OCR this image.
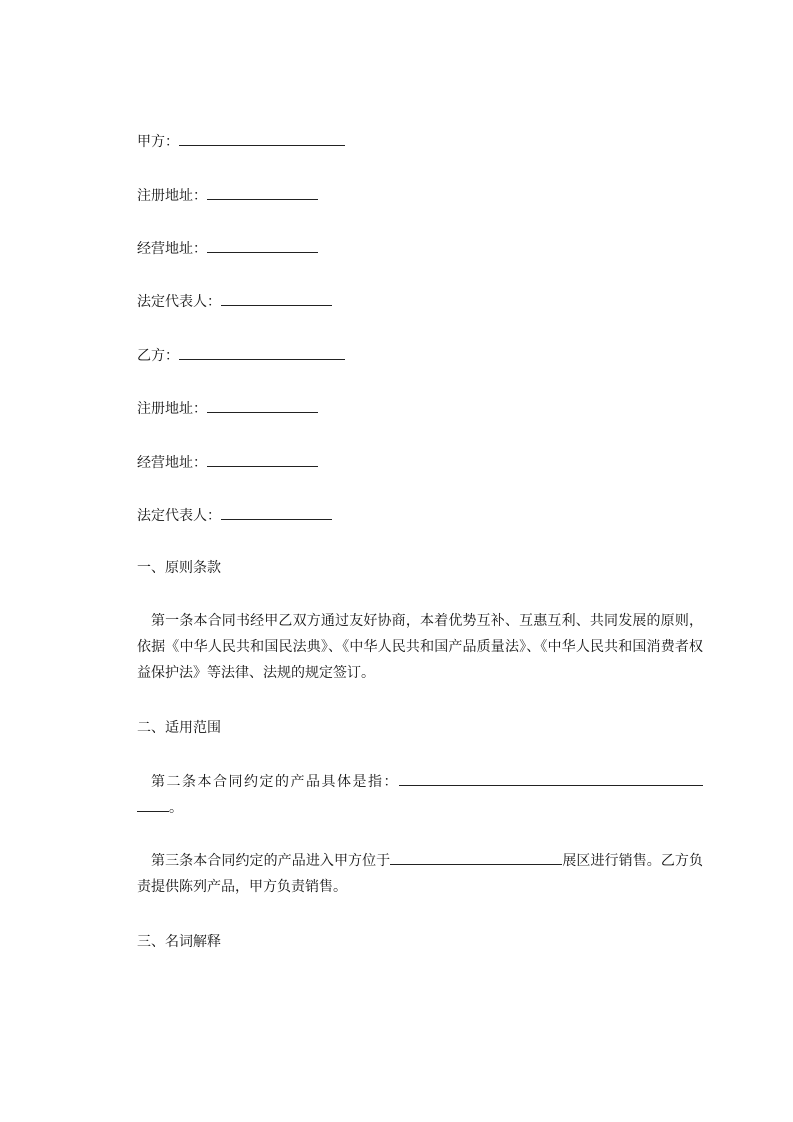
甲方：
注册地址：
经营地址：
法定代表人：
乙方：
注册地址：
经营地址：
法定代表人：
一、原则条款
第一条本合同书经甲乙双方通过友好协商，本着优势互补、互惠互利、共同发展的原则，依据《中华人民共和国民法典》、《中华人民共和国产品质量法》、《中华人民共和国消费者权益保护法》等法律、法规的规定签订。
二、适用范围
第二条本合同约定的产品具体是指：。
第三条本合同约定的产品进入甲方位于	展区进行销售。乙方负责提供陈列产品，甲方负责销售。
三、名词解释
